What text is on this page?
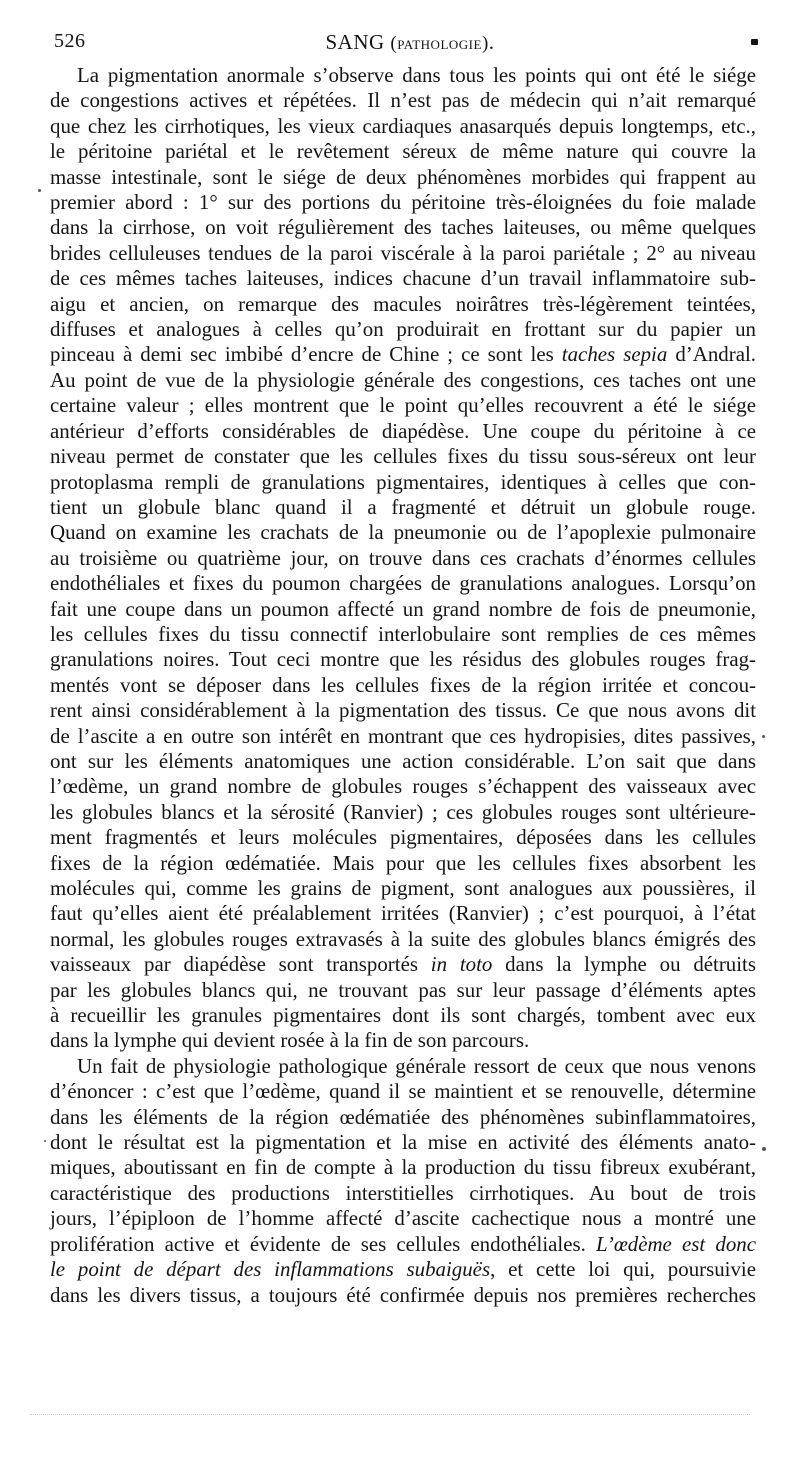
526	SANG (pathologie).

La pigmentation anormale s’observe dans tous les points qui ont été le siége
de congestions actives et répétées. Il n’est pas de médecin qui n’ait remarqué
que chez les cirrhotiques, les vieux cardiaques anasarqués depuis longtemps, etc.,
le péritoine pariétal et le revêtement séreux de même nature qui couvre la
masse intestinale, sont le siége de deux phénomènes morbides qui frappent au
premier abord : 1° sur des portions du péritoine très-éloignées du foie malade
dans la cirrhose, on voit régulièrement des taches laiteuses, ou même quelques
brides celluleuses tendues de la paroi viscérale à la paroi pariétale ; 2° au niveau
de ces mêmes taches laiteuses, indices chacune d’un travail inflammatoire sub-
aigu et ancien, on remarque des macules noirâtres très-légèrement teintées,
diffuses et analogues à celles qu’on produirait en frottant sur du papier un
pinceau à demi sec imbibé d’encre de Chine ; ce sont les taches sepia d’Andral.
Au point de vue de la physiologie générale des congestions, ces taches ont une
certaine valeur ; elles montrent que le point qu’elles recouvrent a été le siége
antérieur d’efforts considérables de diapédèse. Une coupe du péritoine à ce
niveau permet de constater que les cellules fixes du tissu sous-séreux ont leur
protoplasma rempli de granulations pigmentaires, identiques à celles que con-
tient un globule blanc quand il a fragmenté et détruit un globule rouge.
Quand on examine les crachats de la pneumonie ou de l’apoplexie pulmonaire
au troisième ou quatrième jour, on trouve dans ces crachats d’énormes cellules
endothéliales et fixes du poumon chargées de granulations analogues. Lorsqu’on
fait une coupe dans un poumon affecté un grand nombre de fois de pneumonie,
les cellules fixes du tissu connectif interlobulaire sont remplies de ces mêmes
granulations noires. Tout ceci montre que les résidus des globules rouges frag-
mentés vont se déposer dans les cellules fixes de la région irritée et concou-
rent ainsi considérablement à la pigmentation des tissus. Ce que nous avons dit
de l’ascite a en outre son intérêt en montrant que ces hydropisies, dites passives,
ont sur les éléments anatomiques une action considérable. L’on sait que dans
l’œdème, un grand nombre de globules rouges s’échappent des vaisseaux avec
les globules blancs et la sérosité (Ranvier) ; ces globules rouges sont ultérieure-
ment fragmentés et leurs molécules pigmentaires, déposées dans les cellules
fixes de la région œdématiée. Mais pour que les cellules fixes absorbent les
molécules qui, comme les grains de pigment, sont analogues aux poussières, il
faut qu’elles aient été préalablement irritées (Ranvier) ; c’est pourquoi, à l’état
normal, les globules rouges extravasés à la suite des globules blancs émigrés des
vaisseaux par diapédèse sont transportés in toto dans la lymphe ou détruits
par les globules blancs qui, ne trouvant pas sur leur passage d’éléments aptes
à recueillir les granules pigmentaires dont ils sont chargés, tombent avec eux
dans la lymphe qui devient rosée à la fin de son parcours.

Un fait de physiologie pathologique générale ressort de ceux que nous venons
d’énoncer : c’est que l’œdème, quand il se maintient et se renouvelle, détermine
dans les éléments de la région œdématiée des phénomènes subinflammatoires,
dont le résultat est la pigmentation et la mise en activité des éléments anato-
miques, aboutissant en fin de compte à la production du tissu fibreux exubérant,
caractéristique des productions interstitielles cirrhotiques. Au bout de trois
jours, l’épiploon de l’homme affecté d’ascite cachectique nous a montré une
prolifération active et évidente de ses cellules endothéliales. L’œdème est donc
le point de départ des inflammations subaiguës, et cette loi qui, poursuivie
dans les divers tissus, a toujours été confirmée depuis nos premières recherches
